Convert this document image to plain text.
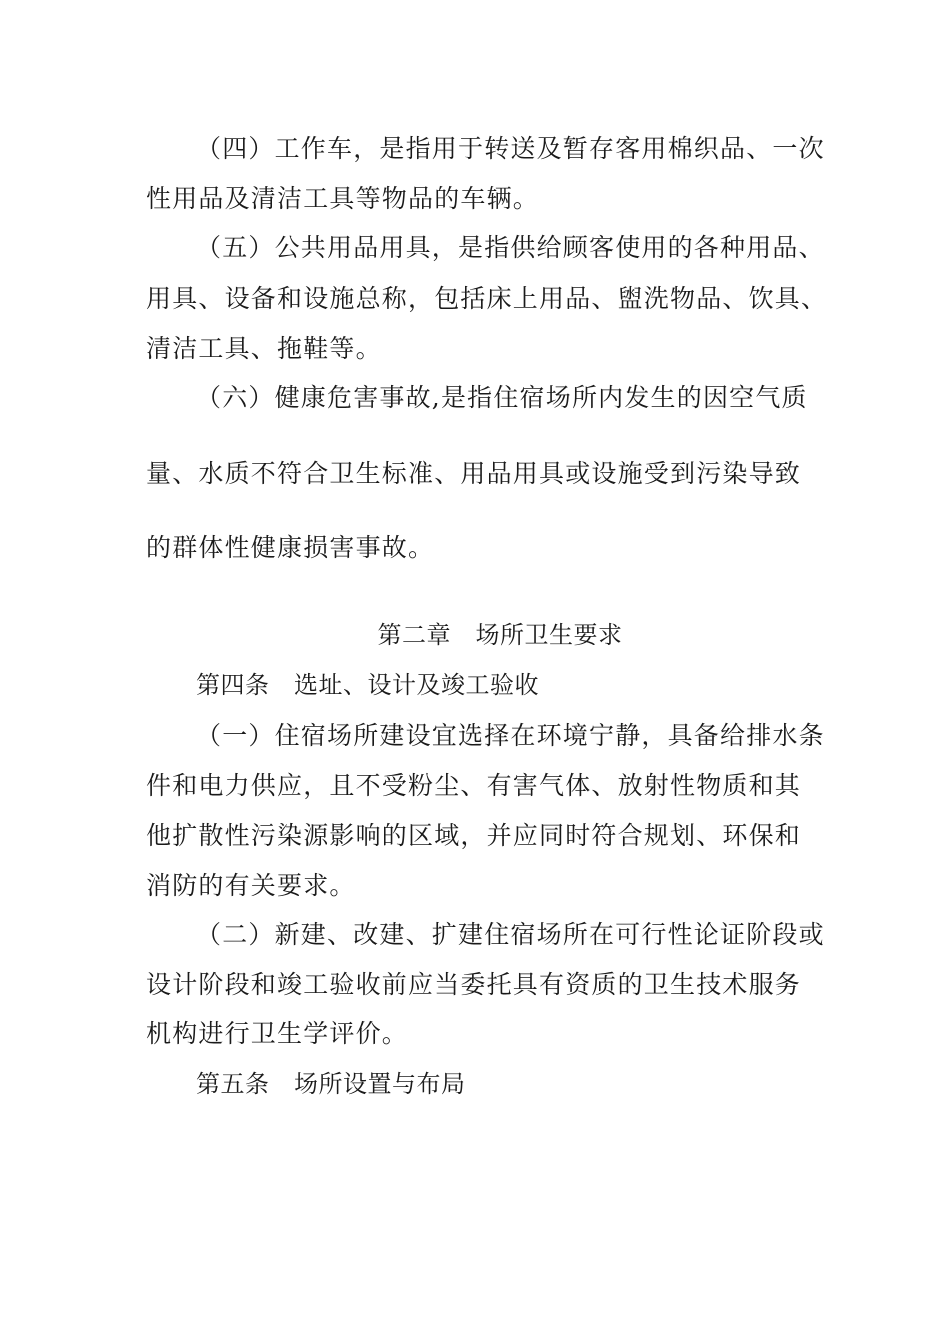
（四）工作车，是指用于转送及暂存客用棉织品、一次
性用品及清洁工具等物品的车辆。
（五）公共用品用具，是指供给顾客使用的各种用品、
用具、设备和设施总称，包括床上用品、盥洗物品、饮具、
清洁工具、拖鞋等。
（六）健康危害事故,是指住宿场所内发生的因空气质
量、水质不符合卫生标准、用品用具或设施受到污染导致
的群体性健康损害事故。
第二章　场所卫生要求
第四条　选址、设计及竣工验收
（一）住宿场所建设宜选择在环境宁静，具备给排水条
件和电力供应，且不受粉尘、有害气体、放射性物质和其
他扩散性污染源影响的区域，并应同时符合规划、环保和
消防的有关要求。
（二）新建、改建、扩建住宿场所在可行性论证阶段或
设计阶段和竣工验收前应当委托具有资质的卫生技术服务
机构进行卫生学评价。
第五条　场所设置与布局
